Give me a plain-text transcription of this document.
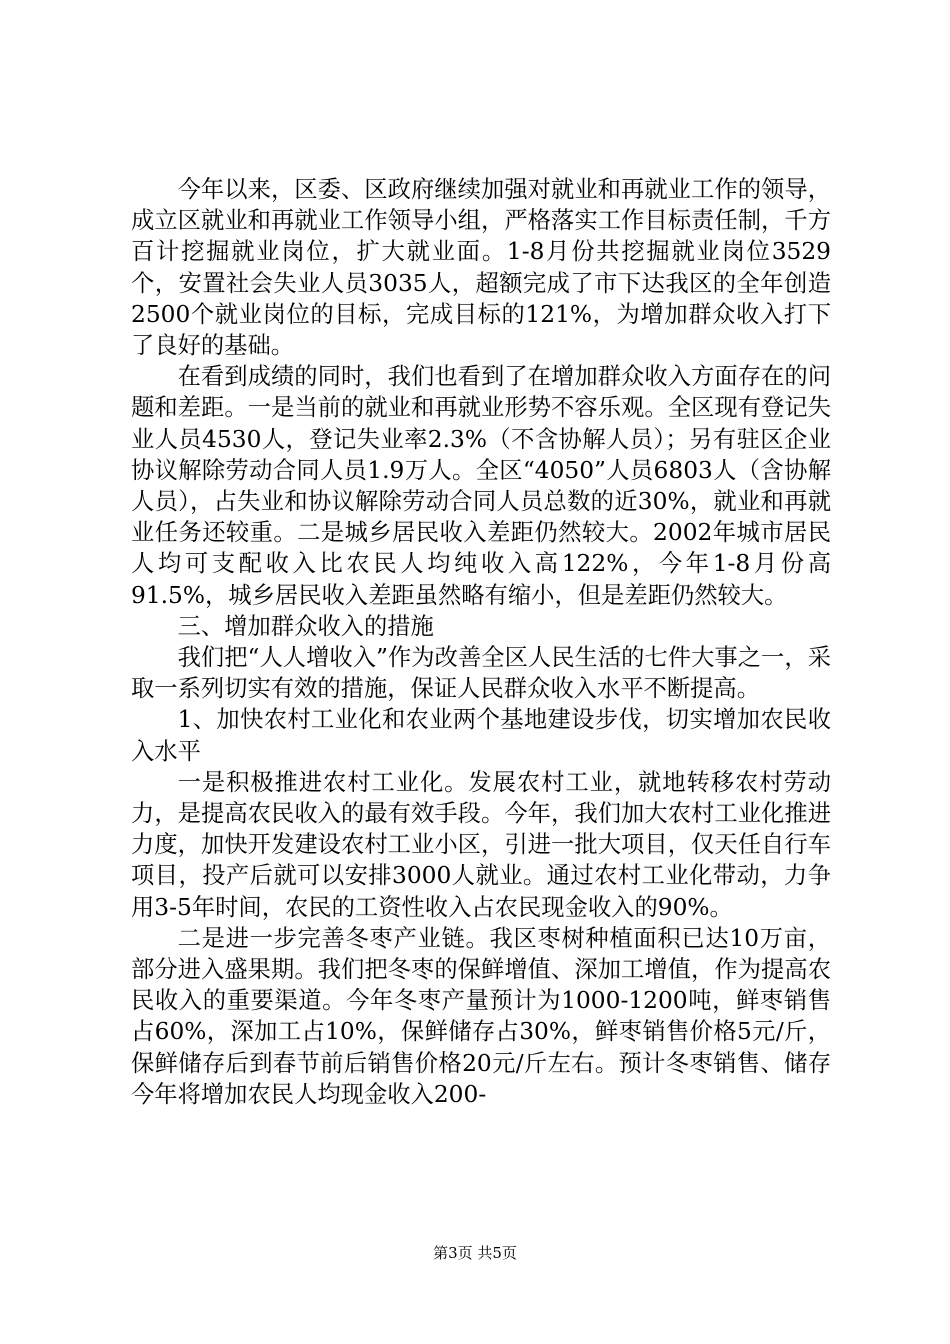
今年以来，区委、区政府继续加强对就业和再就业工作的领导，成立区就业和再就业工作领导小组，严格落实工作目标责任制，千方百计挖掘就业岗位，扩大就业面。1-8月份共挖掘就业岗位3529个，安置社会失业人员3035人，超额完成了市下达我区的全年创造2500个就业岗位的目标，完成目标的121%，为增加群众收入打下了良好的基础。

在看到成绩的同时，我们也看到了在增加群众收入方面存在的问题和差距。一是当前的就业和再就业形势不容乐观。全区现有登记失业人员4530人，登记失业率2.3%（不含协解人员）；另有驻区企业协议解除劳动合同人员1.9万人。全区“4050”人员6803人（含协解人员），占失业和协议解除劳动合同人员总数的近30%，就业和再就业任务还较重。二是城乡居民收入差距仍然较大。2002年城市居民人均可支配收入比农民人均纯收入高122%，今年1-8月份高91.5%，城乡居民收入差距虽然略有缩小，但是差距仍然较大。

三、增加群众收入的措施

我们把“人人增收入”作为改善全区人民生活的七件大事之一，采取一系列切实有效的措施，保证人民群众收入水平不断提高。

1、加快农村工业化和农业两个基地建设步伐，切实增加农民收入水平

一是积极推进农村工业化。发展农村工业，就地转移农村劳动力，是提高农民收入的最有效手段。今年，我们加大农村工业化推进力度，加快开发建设农村工业小区，引进一批大项目，仅天任自行车项目，投产后就可以安排3000人就业。通过农村工业化带动，力争用3-5年时间，农民的工资性收入占农民现金收入的90%。

二是进一步完善冬枣产业链。我区枣树种植面积已达10万亩，部分进入盛果期。我们把冬枣的保鲜增值、深加工增值，作为提高农民收入的重要渠道。今年冬枣产量预计为1000-1200吨，鲜枣销售占60%，深加工占10%，保鲜储存占30%，鲜枣销售价格5元/斤，保鲜储存后到春节前后销售价格20元/斤左右。预计冬枣销售、储存今年将增加农民人均现金收入200-

第3页 共5页
